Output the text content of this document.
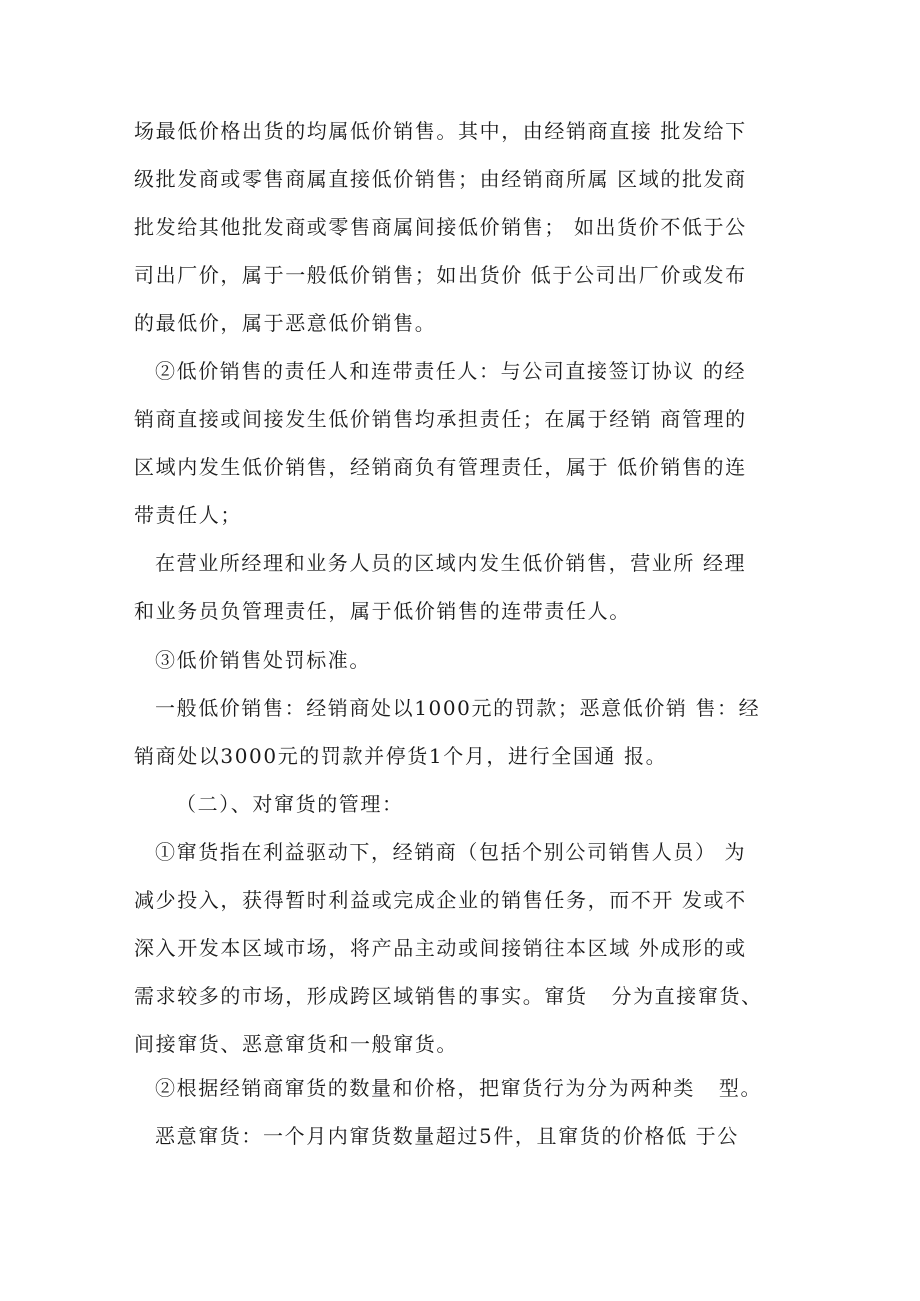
场最低价格出货的均属低价销售。其中，由经销商直接 批发给下
级批发商或零售商属直接低价销售；由经销商所属 区域的批发商
批发给其他批发商或零售商属间接低价销售； 如出货价不低于公
司出厂价，属于一般低价销售；如出货价 低于公司出厂价或发布
的最低价，属于恶意低价销售。
②低价销售的责任人和连带责任人：与公司直接签订协议 的经
销商直接或间接发生低价销售均承担责任；在属于经销 商管理的
区域内发生低价销售，经销商负有管理责任，属于 低价销售的连
带责任人；
在营业所经理和业务人员的区域内发生低价销售，营业所 经理
和业务员负管理责任，属于低价销售的连带责任人。
③低价销售处罚标准。
一般低价销售：经销商处以1000元的罚款；恶意低价销 售：经
销商处以3000元的罚款并停货1个月，进行全国通 报。
（二）、对窜货的管理：
①窜货指在利益驱动下，经销商（包括个别公司销售人员） 为
减少投入，获得暂时利益或完成企业的销售任务，而不开 发或不
深入开发本区域市场，将产品主动或间接销往本区域 外成形的或
需求较多的市场，形成跨区域销售的事实。窜货   分为直接窜货、
间接窜货、恶意窜货和一般窜货。
②根据经销商窜货的数量和价格，把窜货行为分为两种类   型。
恶意窜货：一个月内窜货数量超过5件，且窜货的价格低 于公
